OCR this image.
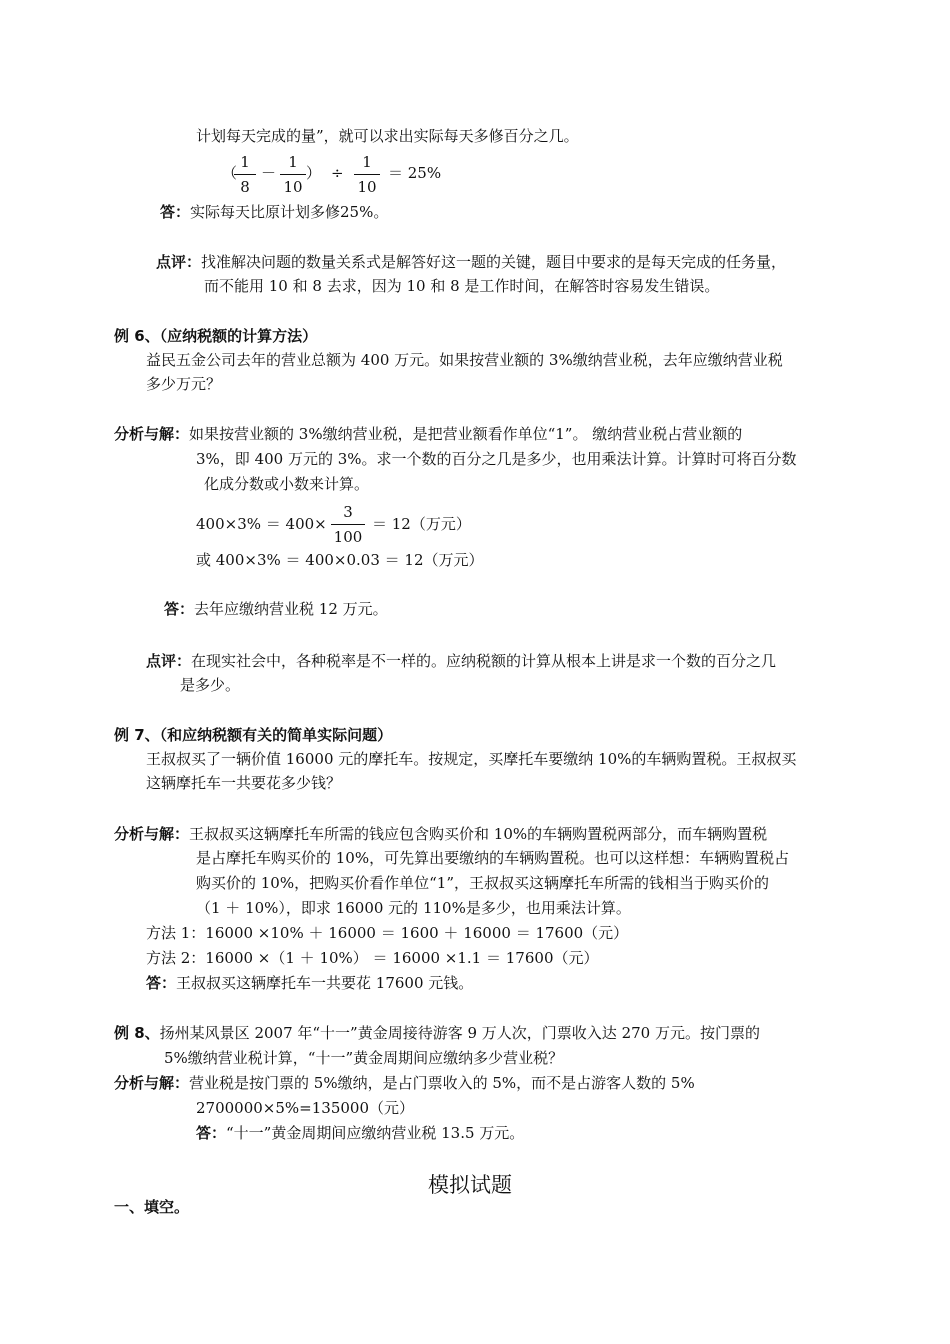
计划每天完成的量”，就可以求出实际每天多修百分之几。
（
1
8
－
1
10
） ÷
1
10
＝ 25%
答：实际每天比原计划多修25%。
点评：找准解决问题的数量关系式是解答好这一题的关键，题目中要求的是每天完成的任务量，
而不能用 10 和 8 去求，因为 10 和 8 是工作时间，在解答时容易发生错误。
例 6、（应纳税额的计算方法）
益民五金公司去年的营业总额为 400 万元。如果按营业额的 3%缴纳营业税，去年应缴纳营业税
多少万元？
分析与解：如果按营业额的 3%缴纳营业税，是把营业额看作单位“1”。 缴纳营业税占营业额的
3%，即 400 万元的 3%。求一个数的百分之几是多少，也用乘法计算。计算时可将百分数
化成分数或小数来计算。
400×3% ＝ 400×
3
100
＝ 12（万元）
或 400×3% ＝ 400×0.03 ＝ 12（万元）
答：去年应缴纳营业税 12 万元。
点评：在现实社会中，各种税率是不一样的。应纳税额的计算从根本上讲是求一个数的百分之几
是多少。
例 7、（和应纳税额有关的简单实际问题）
王叔叔买了一辆价值 16000 元的摩托车。按规定，买摩托车要缴纳 10%的车辆购置税。王叔叔买
这辆摩托车一共要花多少钱？
分析与解：王叔叔买这辆摩托车所需的钱应包含购买价和 10%的车辆购置税两部分，而车辆购置税
是占摩托车购买价的 10%，可先算出要缴纳的车辆购置税。也可以这样想：车辆购置税占
购买价的 10%，把购买价看作单位“1”，王叔叔买这辆摩托车所需的钱相当于购买价的
（1 ＋ 10%），即求 16000 元的 110%是多少，也用乘法计算。
方法 1：16000 ×10% ＋ 16000 ＝ 1600 ＋ 16000 ＝ 17600（元）
方法 2：16000 ×（1 ＋ 10%） ＝ 16000 ×1.1 ＝ 17600（元）
答：王叔叔买这辆摩托车一共要花 17600 元钱。
例 8、扬州某风景区 2007 年“十一”黄金周接待游客 9 万人次，门票收入达 270 万元。按门票的
5%缴纳营业税计算，“十一”黄金周期间应缴纳多少营业税？
分析与解：营业税是按门票的 5%缴纳，是占门票收入的 5%，而不是占游客人数的 5%
2700000×5%=135000（元）
答：“十一”黄金周期间应缴纳营业税 13.5 万元。
模拟试题
一、填空。
